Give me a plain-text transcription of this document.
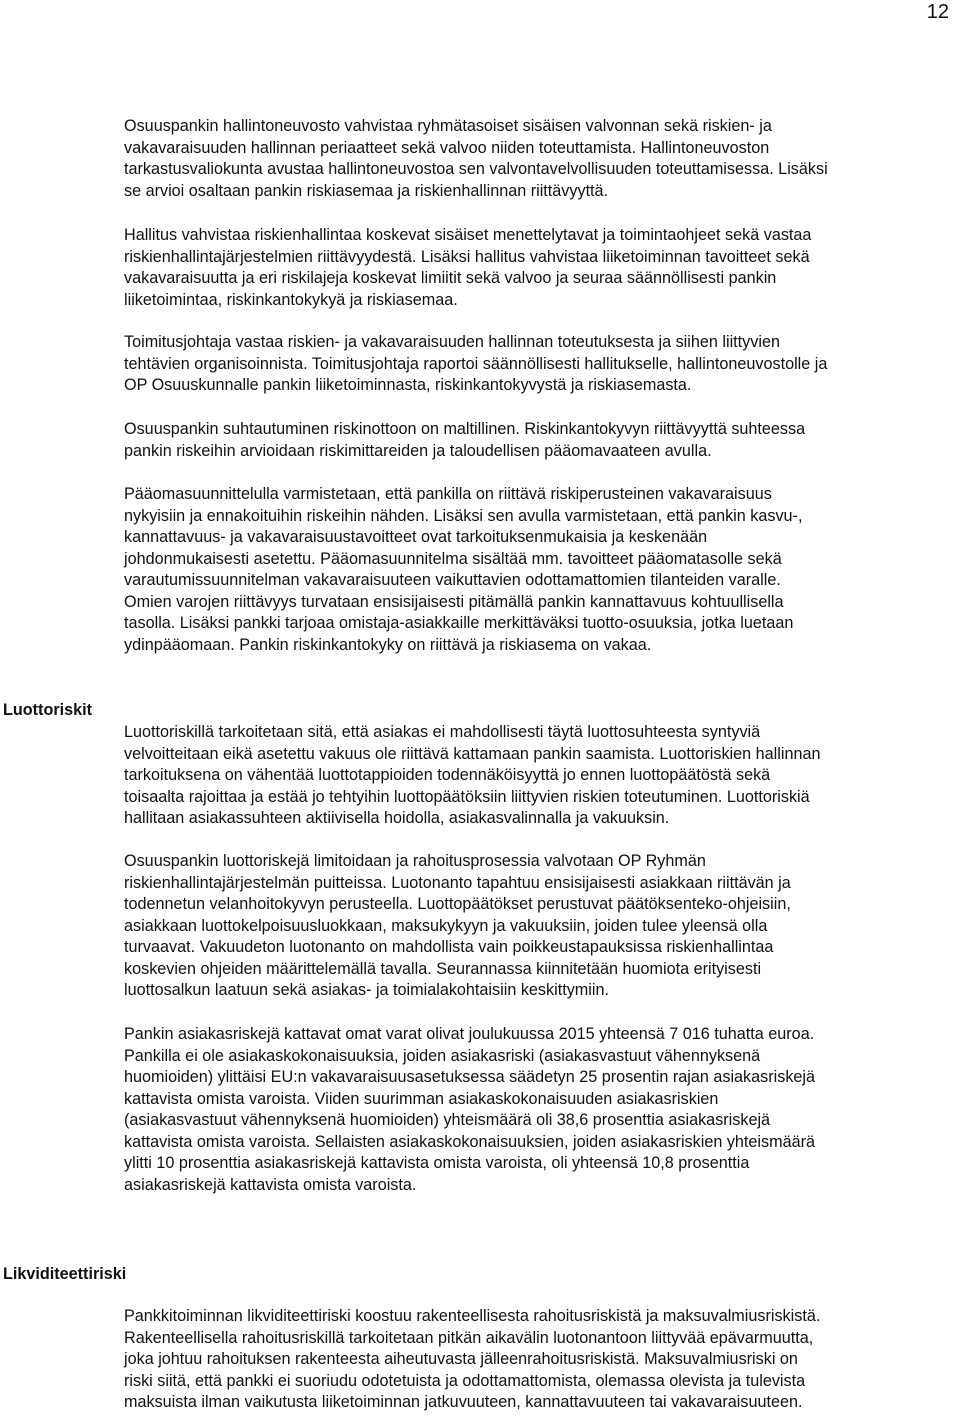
12

Osuuspankin hallintoneuvosto vahvistaa ryhmätasoiset sisäisen valvonnan sekä riskien- ja
vakavaraisuuden hallinnan periaatteet sekä valvoo niiden toteuttamista. Hallintoneuvoston
tarkastusvaliokunta avustaa hallintoneuvostoa sen valvontavelvollisuuden toteuttamisessa. Lisäksi
se arvioi osaltaan pankin riskiasemaa ja riskienhallinnan riittävyyttä.

Hallitus vahvistaa riskienhallintaa koskevat sisäiset menettelytavat ja toimintaohjeet sekä vastaa
riskienhallintajärjestelmien riittävyydestä. Lisäksi hallitus vahvistaa liiketoiminnan tavoitteet sekä
vakavaraisuutta ja eri riskilajeja koskevat limiitit sekä valvoo ja seuraa säännöllisesti pankin
liiketoimintaa, riskinkantokykyä ja riskiasemaa.

Toimitusjohtaja vastaa riskien- ja vakavaraisuuden hallinnan toteutuksesta ja siihen liittyvien
tehtävien organisoinnista. Toimitusjohtaja raportoi säännöllisesti hallitukselle, hallintoneuvostolle ja
OP Osuuskunnalle pankin liiketoiminnasta, riskinkantokyvystä ja riskiasemasta.

Osuuspankin suhtautuminen riskinottoon on maltillinen. Riskinkantokyvyn riittävyyttä suhteessa
pankin riskeihin arvioidaan riskimittareiden ja taloudellisen pääomavaateen avulla.

Pääomasuunnittelulla varmistetaan, että pankilla on riittävä riskiperusteinen vakavaraisuus
nykyisiin ja ennakoituihin riskeihin nähden. Lisäksi sen avulla varmistetaan, että pankin kasvu-,
kannattavuus- ja vakavaraisuustavoitteet ovat tarkoituksenmukaisia ja keskenään
johdonmukaisesti asetettu. Pääomasuunnitelma sisältää mm. tavoitteet pääomatasolle sekä
varautumissuunnitelman vakavaraisuuteen vaikuttavien odottamattomien tilanteiden varalle.
Omien varojen riittävyys turvataan ensisijaisesti pitämällä pankin kannattavuus kohtuullisella
tasolla. Lisäksi pankki tarjoaa omistaja-asiakkaille merkittäväksi tuotto-osuuksia, jotka luetaan
ydinpääomaan. Pankin riskinkantokyky on riittävä ja riskiasema on vakaa.

Luottoriskit

Luottoriskillä tarkoitetaan sitä, että asiakas ei mahdollisesti täytä luottosuhteesta syntyviä
velvoitteitaan eikä asetettu vakuus ole riittävä kattamaan pankin saamista. Luottoriskien hallinnan
tarkoituksena on vähentää luottotappioiden todennäköisyyttä jo ennen luottopäätöstä sekä
toisaalta rajoittaa ja estää jo tehtyihin luottopäätöksiin liittyvien riskien toteutuminen. Luottoriskiä
hallitaan asiakassuhteen aktiivisella hoidolla, asiakasvalinnalla ja vakuuksin.

Osuuspankin luottoriskejä limitoidaan ja rahoitusprosessia valvotaan OP Ryhmän
riskienhallintajärjestelmän puitteissa. Luotonanto tapahtuu ensisijaisesti asiakkaan riittävän ja
todennetun velanhoitokyvyn perusteella. Luottopäätökset perustuvat päätöksenteko-ohjeisiin,
asiakkaan luottokelpoisuusluokkaan, maksukykyyn ja vakuuksiin, joiden tulee yleensä olla
turvaavat. Vakuudeton luotonanto on mahdollista vain poikkeustapauksissa riskienhallintaa
koskevien ohjeiden määrittelemällä tavalla. Seurannassa kiinnitetään huomiota erityisesti
luottosalkun laatuun sekä asiakas- ja toimialakohtaisiin keskittymiin.

Pankin asiakasriskejä kattavat omat varat olivat joulukuussa 2015 yhteensä 7 016 tuhatta euroa.
Pankilla ei ole asiakaskokonaisuuksia, joiden asiakasriski (asiakasvastuut vähennyksenä
huomioiden) ylittäisi EU:n vakavaraisuusasetuksessa säädetyn 25 prosentin rajan asiakasriskejä
kattavista omista varoista. Viiden suurimman asiakaskokonaisuuden asiakasriskien
(asiakasvastuut vähennyksenä huomioiden) yhteismäärä oli 38,6 prosenttia asiakasriskejä
kattavista omista varoista. Sellaisten asiakaskokonaisuuksien, joiden asiakasriskien yhteismäärä
ylitti 10 prosenttia asiakasriskejä kattavista omista varoista, oli yhteensä 10,8 prosenttia
asiakasriskejä kattavista omista varoista.

Likviditeettiriski

Pankkitoiminnan likviditeettiriski koostuu rakenteellisesta rahoitusriskistä ja maksuvalmiusriskistä.
Rakenteellisella rahoitusriskillä tarkoitetaan pitkän aikavälin luotonantoon liittyvää epävarmuutta,
joka johtuu rahoituksen rakenteesta aiheutuvasta jälleenrahoitusriskistä. Maksuvalmiusriski on
riski siitä, että pankki ei suoriudu odotetuista ja odottamattomista, olemassa olevista ja tulevista
maksuista ilman vaikutusta liiketoiminnan jatkuvuuteen, kannattavuuteen tai vakavaraisuuteen.
